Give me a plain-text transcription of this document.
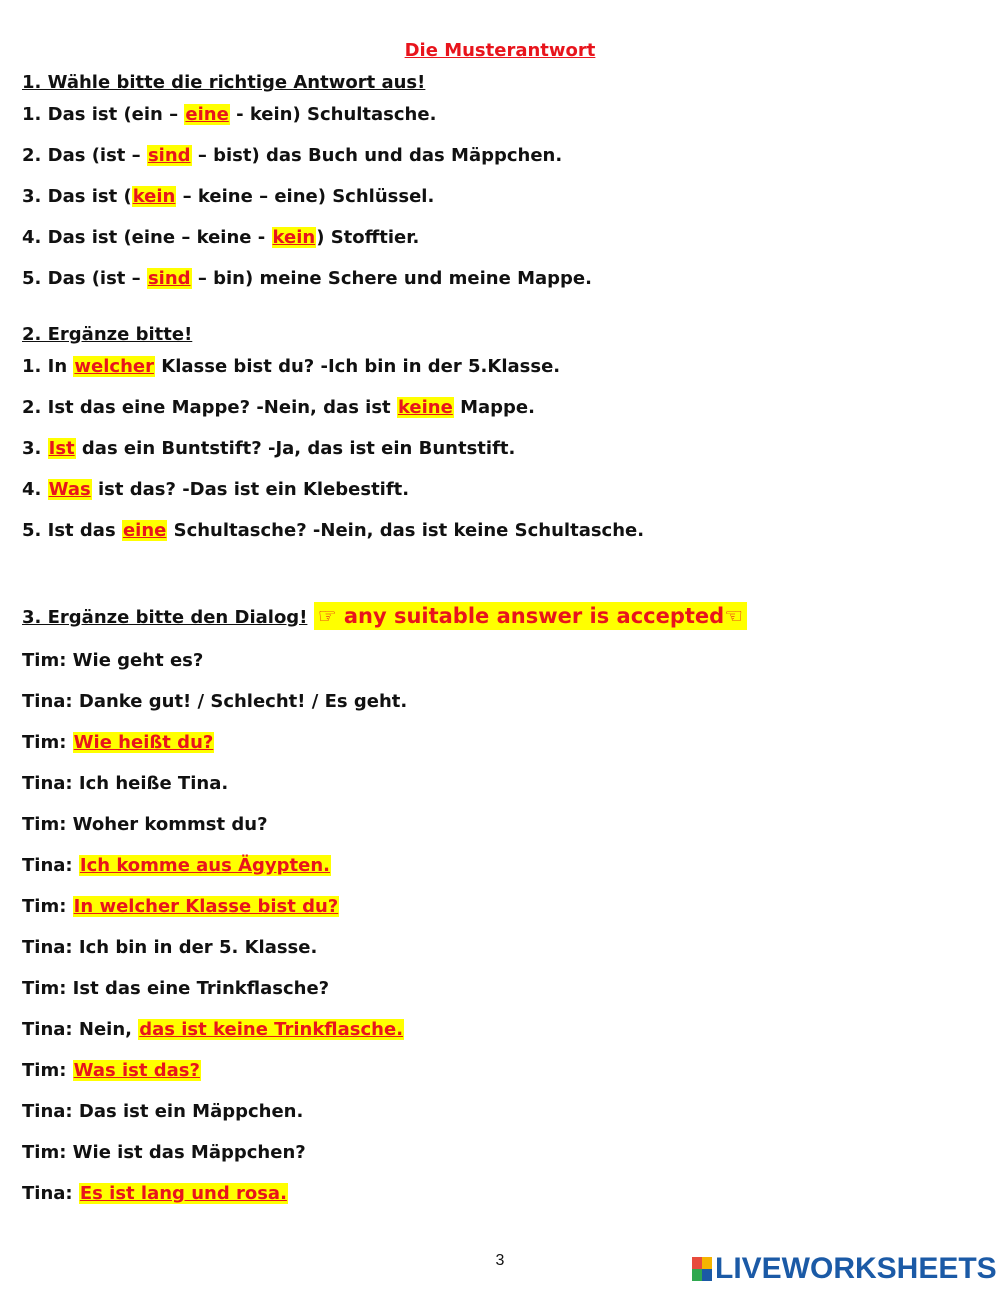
Die Musterantwort
1. Wähle bitte die richtige Antwort aus!
1. Das ist (ein – eine - kein) Schultasche.
2. Das (ist – sind – bist) das Buch und das Mäppchen.
3. Das ist (kein – keine – eine) Schlüssel.
4. Das ist (eine – keine - kein) Stofftier.
5. Das (ist – sind – bin) meine Schere und meine Mappe.
2. Ergänze bitte!
1. In welcher Klasse bist du? -Ich bin in der 5.Klasse.
2. Ist das eine Mappe? -Nein, das ist keine Mappe.
3. Ist das ein Buntstift? -Ja, das ist ein Buntstift.
4. Was ist das? -Das ist ein Klebestift.
5. Ist das eine Schultasche? -Nein, das ist keine Schultasche.
3. Ergänze bitte den Dialog! ☞ any suitable answer is accepted☜
Tim: Wie geht es?
Tina: Danke gut! / Schlecht! / Es geht.
Tim: Wie heißt du?
Tina: Ich heiße Tina.
Tim: Woher kommst du?
Tina: Ich komme aus Ägypten.
Tim: In welcher Klasse bist du?
Tina: Ich bin in der 5. Klasse.
Tim: Ist das eine Trinkflasche?
Tina: Nein, das ist keine Trinkflasche.
Tim: Was ist das?
Tina: Das ist ein Mäppchen.
Tim: Wie ist das Mäppchen?
Tina: Es ist lang und rosa.
3	LIVEWORKSHEETS
